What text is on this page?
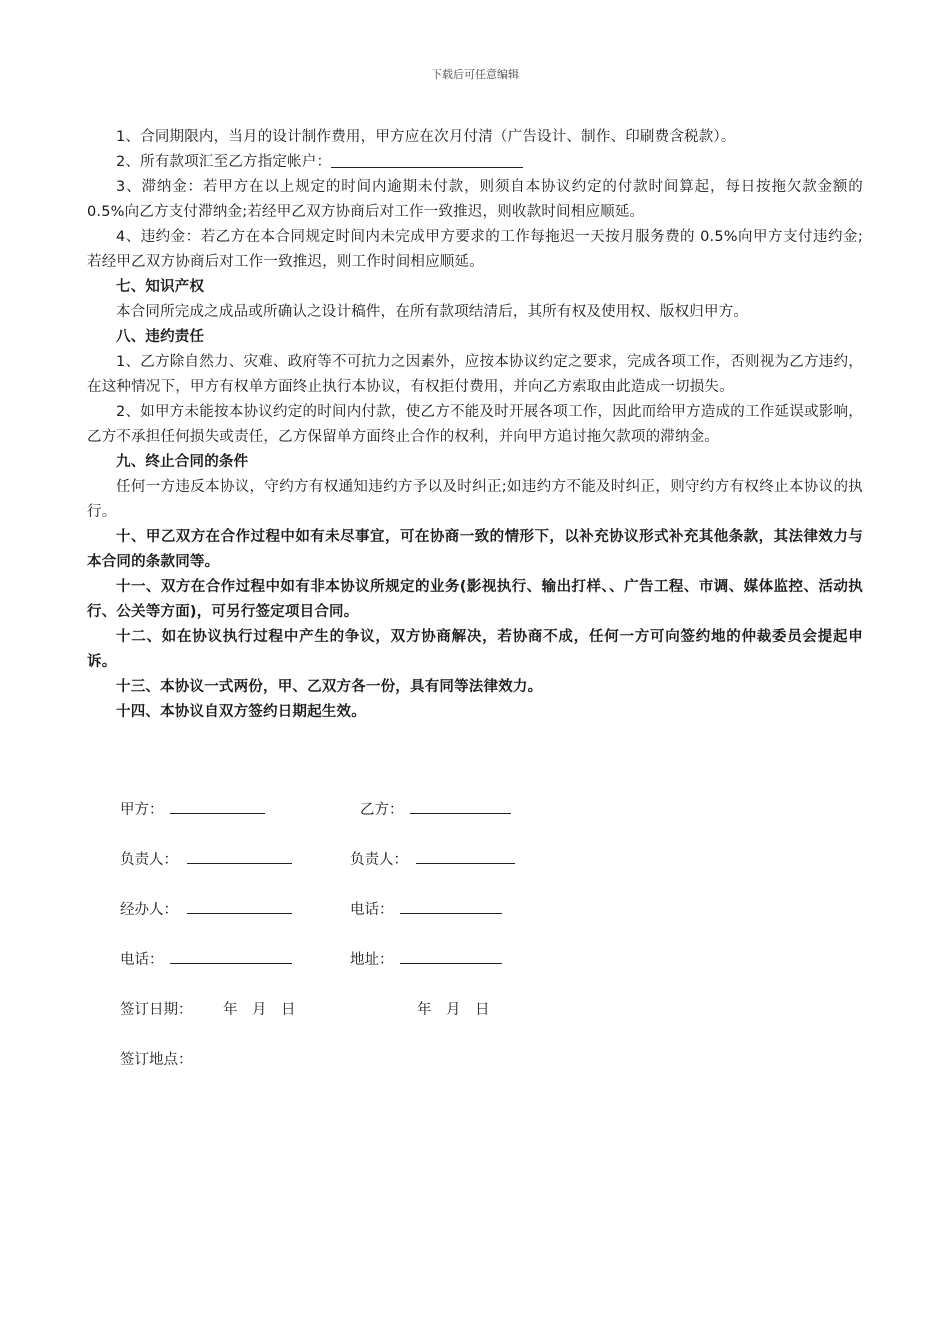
下载后可任意编辑

1、合同期限内，当月的设计制作费用，甲方应在次月付清（广告设计、制作、印刷费含税款）。

2、所有款项汇至乙方指定帐户：

3、滞纳金：若甲方在以上规定的时间内逾期未付款，则须自本协议约定的付款时间算起，每日按拖欠款金额的0.5%向乙方支付滞纳金;若经甲乙双方协商后对工作一致推迟，则收款时间相应顺延。

4、违约金：若乙方在本合同规定时间内未完成甲方要求的工作每拖迟一天按月服务费的 0.5%向甲方支付违约金;若经甲乙双方协商后对工作一致推迟，则工作时间相应顺延。

七、知识产权

本合同所完成之成品或所确认之设计稿件，在所有款项结清后，其所有权及使用权、版权归甲方。

八、违约责任

1、乙方除自然力、灾难、政府等不可抗力之因素外，应按本协议约定之要求，完成各项工作，否则视为乙方违约，在这种情况下，甲方有权单方面终止执行本协议，有权拒付费用，并向乙方索取由此造成一切损失。

2、如甲方未能按本协议约定的时间内付款，使乙方不能及时开展各项工作，因此而给甲方造成的工作延误或影响，乙方不承担任何损失或责任，乙方保留单方面终止合作的权利，并向甲方追讨拖欠款项的滞纳金。

九、终止合同的条件

任何一方违反本协议，守约方有权通知违约方予以及时纠正;如违约方不能及时纠正，则守约方有权终止本协议的执行。

十、甲乙双方在合作过程中如有未尽事宜，可在协商一致的情形下，以补充协议形式补充其他条款，其法律效力与本合同的条款同等。

十一、双方在合作过程中如有非本协议所规定的业务(影视执行、输出打样、、广告工程、市调、媒体监控、活动执行、公关等方面)，可另行签定项目合同。

十二、如在协议执行过程中产生的争议，双方协商解决，若协商不成，任何一方可向签约地的仲裁委员会提起申诉。

十三、本协议一式两份，甲、乙双方各一份，具有同等法律效力。

十四、本协议自双方签约日期起生效。

甲方：	乙方：
负责人：	负责人：
经办人：	电话：
电话：	地址：
签订日期： 年　月　日	年　月　日
签订地点：
